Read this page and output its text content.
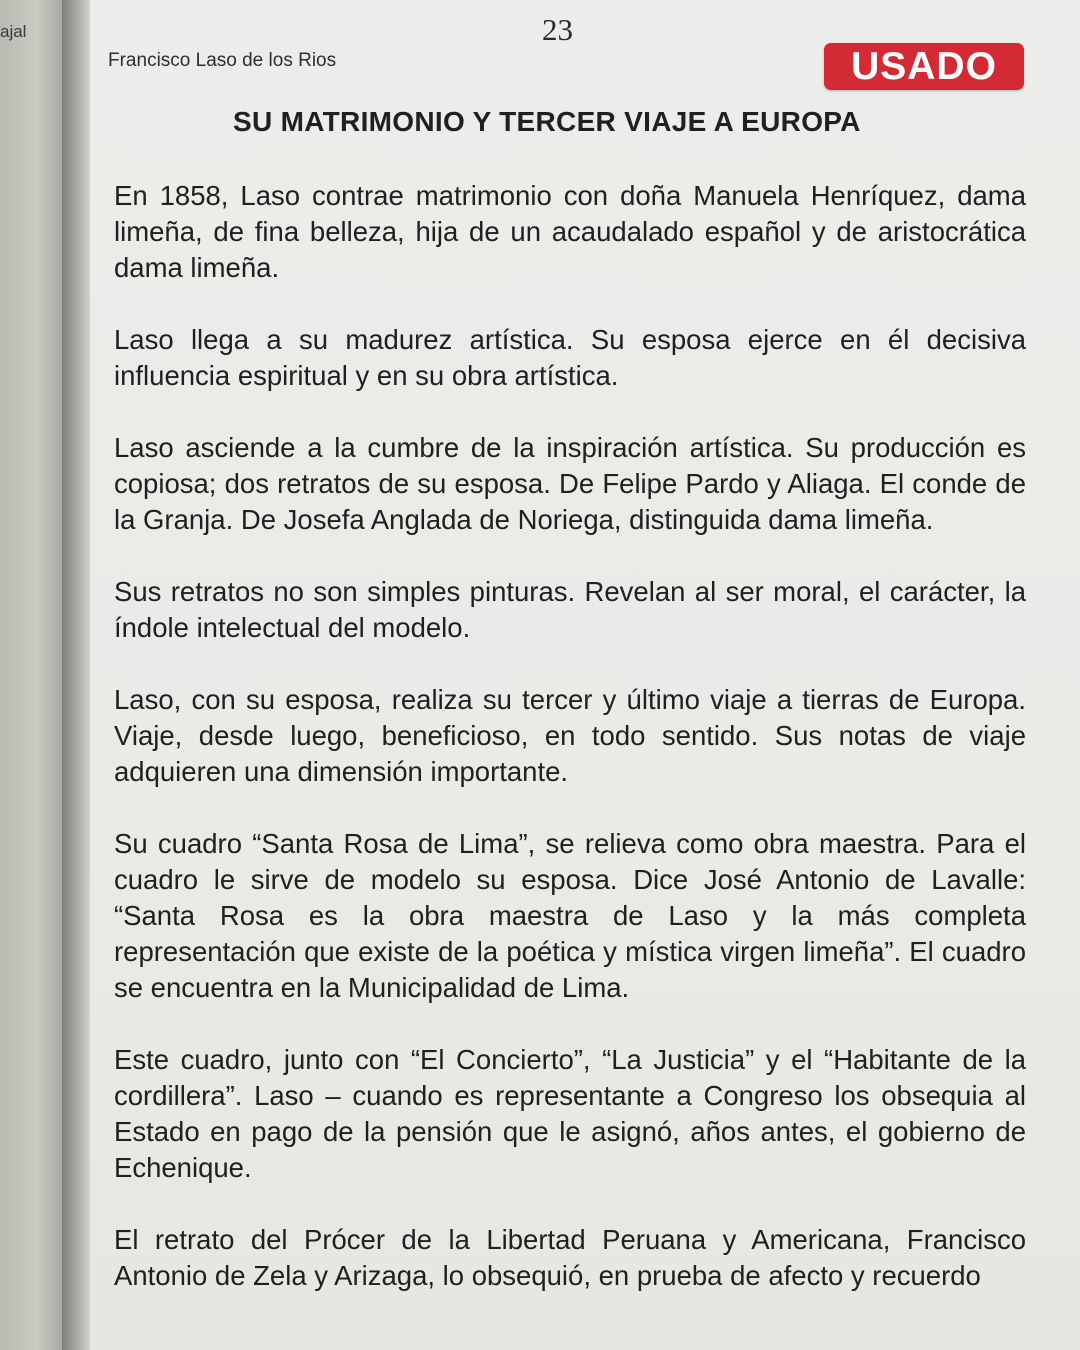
ajal	23
Francisco Laso de los Rios	USADO
SU MATRIMONIO Y TERCER VIAJE A EUROPA

En 1858, Laso contrae matrimonio con doña Manuela Henríquez, dama limeña, de fina belleza, hija de un acaudalado español y de aristocrática dama limeña.

Laso llega a su madurez artística. Su esposa ejerce en él decisiva influencia espiritual y en su obra artística.

Laso asciende a la cumbre de la inspiración artística. Su producción es copiosa; dos retratos de su esposa. De Felipe Pardo y Aliaga. El conde de la Granja. De Josefa Anglada de Noriega, distinguida dama limeña.

Sus retratos no son simples pinturas. Revelan al ser moral, el carácter, la índole intelectual del modelo.

Laso, con su esposa, realiza su tercer y último viaje a tierras de Europa. Viaje, desde luego, beneficioso, en todo sentido. Sus notas de viaje adquieren una dimensión importante.

Su cuadro “Santa Rosa de Lima”, se relieva como obra maestra. Para el cuadro le sirve de modelo su esposa. Dice José Antonio de Lavalle: “Santa Rosa es la obra maestra de Laso y la más completa representación que existe de la poética y mística virgen limeña”. El cuadro se encuentra en la Municipalidad de Lima.

Este cuadro, junto con “El Concierto”, “La Justicia” y el “Habitante de la cordillera”. Laso – cuando es representante a Congreso los obsequia al Estado en pago de la pensión que le asignó, años antes, el gobierno de Echenique.

El retrato del Prócer de la Libertad Peruana y Americana, Francisco Antonio de Zela y Arizaga, lo obsequió, en prueba de afecto y recuerdo
